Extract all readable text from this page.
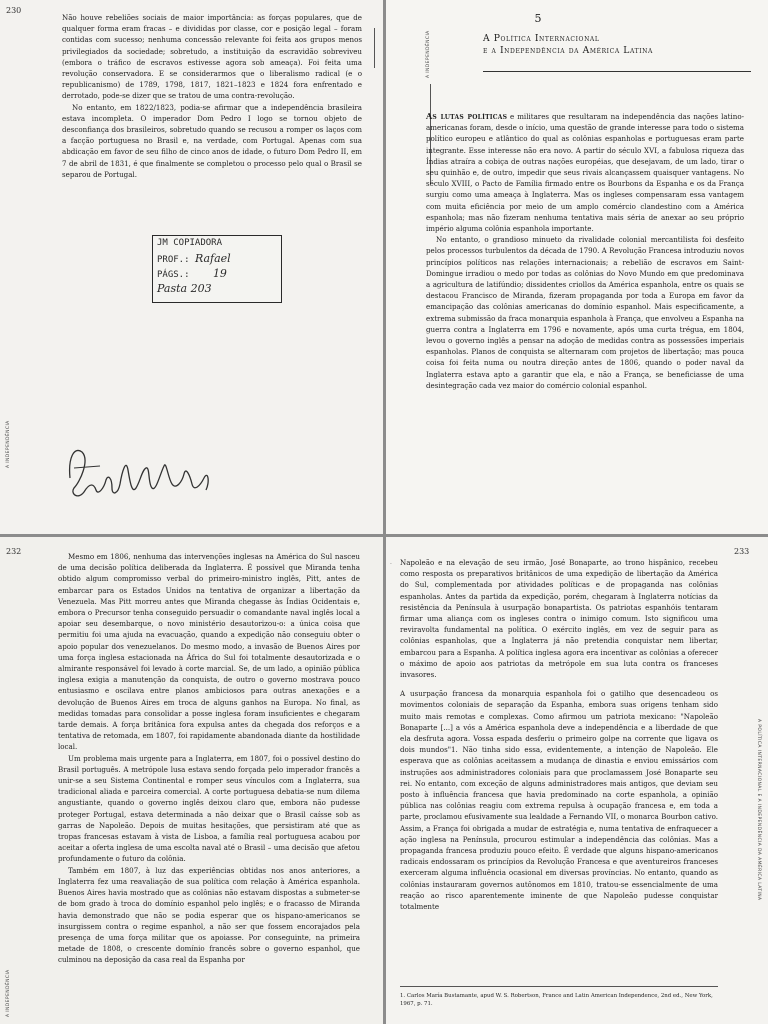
230
A INDEPENDÊNCIA

Não houve rebeliões sociais de maior importância: as forças populares, que de qualquer forma eram fracas – e divididas por classe, cor e posição legal – foram contidas com sucesso; nenhuma concessão relevante foi feita aos grupos menos privilegiados da sociedade; sobretudo, a instituição da escravidão sobreviveu (embora o tráfico de escravos estivesse agora sob ameaça). Foi feita uma revolução conservadora. E se considerarmos que o liberalismo radical (e o republicanismo) de 1789, 1798, 1817, 1821–1823 e 1824 fora enfrentado e derrotado, pode-se dizer que se tratou de uma contra-revolução.

No entanto, em 1822/1823, podia-se afirmar que a independência brasileira estava incompleta. O imperador Dom Pedro I logo se tornou objeto de desconfiança dos brasileiros, sobretudo quando se recusou a romper os laços com a facção portuguesa no Brasil e, na verdade, com Portugal. Apenas com sua abdicação em favor de seu filho de cinco anos de idade, o futuro Dom Pedro II, em 7 de abril de 1831, é que finalmente se completou o processo pelo qual o Brasil se separou de Portugal.

JM COPIADORA
PROF.: Rafael
PÁGS.: 19
Pasta 203
A INDEPENDÊNCIA
5
A Política Internacional
e a Independência da América Latina

As lutas políticas e militares que resultaram na independência das nações latino-americanas foram, desde o início, uma questão de grande interesse para todo o sistema político europeu e atlântico do qual as colônias espanholas e portuguesas eram parte integrante. Esse interesse não era novo. A partir do século XVI, a fabulosa riqueza das Índias atraíra a cobiça de outras nações européias, que desejavam, de um lado, tirar o seu quinhão e, de outro, impedir que seus rivais alcançassem quaisquer vantagens. No século XVIII, o Pacto de Família firmado entre os Bourbons da Espanha e os da França surgiu como uma ameaça à Inglaterra. Mas os ingleses compensaram essa vantagem com muita eficiência por meio de um amplo comércio clandestino com a América espanhola; mas não fizeram nenhuma tentativa mais séria de anexar ao seu próprio império alguma colônia espanhola importante.

No entanto, o grandioso minueto da rivalidade colonial mercantilista foi desfeito pelos processos turbulentos da década de 1790. A Revolução Francesa introduziu novos princípios políticos nas relações internacionais; a rebelião de escravos em Saint-Domingue irradiou o medo por todas as colônias do Novo Mundo em que predominava a agricultura de latifúndio; dissidentes criollos da América espanhola, entre os quais se destacou Francisco de Miranda, fizeram propaganda por toda a Europa em favor da emancipação das colônias americanas do domínio espanhol. Mais especificamente, a extrema submissão da fraca monarquia espanhola à França, que envolveu a Espanha na guerra contra a Inglaterra em 1796 e novamente, após uma curta trégua, em 1804, levou o governo inglês a pensar na adoção de medidas contra as possessões imperiais espanholas. Planos de conquista se alternaram com projetos de libertação; mas pouca coisa foi feita numa ou noutra direção antes de 1806, quando o poder naval da Inglaterra estava apto a garantir que ela, e não a França, se beneficiasse de uma desintegração cada vez maior do comércio colonial espanhol.

232
A INDEPENDÊNCIA

Mesmo em 1806, nenhuma das intervenções inglesas na América do Sul nasceu de uma decisão política deliberada da Inglaterra. É possível que Miranda tenha obtido algum compromisso verbal do primeiro-ministro inglês, Pitt, antes de embarcar para os Estados Unidos na tentativa de organizar a libertação da Venezuela. Mas Pitt morreu antes que Miranda chegasse às Índias Ocidentais e, embora o Precursor tenha conseguido persuadir o comandante naval inglês local a apoiar seu desembarque, o novo ministério desautorizou-o: a única coisa que permitiu foi uma ajuda na evacuação, quando a expedição não conseguiu obter o apoio popular dos venezuelanos. Do mesmo modo, a invasão de Buenos Aires por uma força inglesa estacionada na África do Sul foi totalmente desautorizada e o almirante responsável foi levado à corte marcial. Se, de um lado, a opinião pública inglesa exigia a manutenção da conquista, de outro o governo mostrava pouco entusiasmo e oscilava entre planos ambiciosos para outras anexações e a devolução de Buenos Aires em troca de alguns ganhos na Europa. No final, as medidas tomadas para consolidar a posse inglesa foram insuficientes e chegaram tarde demais. A força britânica fora expulsa antes da chegada dos reforços e a tentativa de retomada, em 1807, foi rapidamente abandonada diante da hostilidade local.

Um problema mais urgente para a Inglaterra, em 1807, foi o possível destino do Brasil português. A metrópole lusa estava sendo forçada pelo imperador francês a unir-se a seu Sistema Continental e romper seus vínculos com a Inglaterra, sua tradicional aliada e parceira comercial. A corte portuguesa debatia-se num dilema angustiante, quando o governo inglês deixou claro que, embora não pudesse proteger Portugal, estava determinada a não deixar que o Brasil caísse sob as garras de Napoleão. Depois de muitas hesitações, que persistiram até que as tropas francesas estavam à vista de Lisboa, a família real portuguesa acabou por aceitar a oferta inglesa de uma escolta naval até o Brasil – uma decisão que afetou profundamente o futuro da colônia.

Também em 1807, à luz das experiências obtidas nos anos anteriores, a Inglaterra fez uma reavaliação de sua política com relação à América espanhola. Buenos Aires havia mostrado que as colônias não estavam dispostas a submeter-se de bom grado à troca do domínio espanhol pelo inglês; e o fracasso de Miranda havia demonstrado que não se podia esperar que os hispano-americanos se insurgissem contra o regime espanhol, a não ser que fossem encorajados pela presença de uma força militar que os apoiasse. Por conseguinte, na primeira metade de 1808, o crescente domínio francês sobre o governo espanhol, que culminou na deposição da casa real da Espanha por

233
A POLÍTICA INTERNACIONAL E A INDEPENDÊNCIA DA AMÉRICA LATINA
· Napoleão e na elevação de seu irmão, José Bonaparte, ao trono hispânico, recebeu como resposta os preparativos britânicos de uma expedição de libertação da América do Sul, complementada por atividades políticas e de propaganda nas colônias espanholas. Antes da partida da expedição, porém, chegaram à Inglaterra notícias da resistência da Península à usurpação bonapartista. Os patriotas espanhóis tentaram firmar uma aliança com os ingleses contra o inimigo comum. Isto significou uma reviravolta fundamental na política. O exército inglês, em vez de seguir para as colônias espanholas, que a Inglaterra já não pretendia conquistar nem libertar, embarcou para a Espanha. A política inglesa agora era incentivar as colônias a oferecer o máximo de apoio aos patriotas da metrópole em sua luta contra os franceses invasores.

A usurpação francesa da monarquia espanhola foi o gatilho que desencadeou os movimentos coloniais de separação da Espanha, embora suas origens tenham sido muito mais remotas e complexas. Como afirmou um patriota mexicano: "Napoleão Bonaparte [...] a vós a América espanhola deve a independência e a liberdade de que ela desfruta agora. Vossa espada desferiu o primeiro golpe na corrente que ligava os dois mundos"1. Não tinha sido essa, evidentemente, a intenção de Napoleão. Ele esperava que as colônias aceitassem a mudança de dinastia e enviou emissários com instruções aos administradores coloniais para que proclamassem José Bonaparte seu rei. No entanto, com exceção de alguns administradores mais antigos, que deviam seu posto à influência francesa que havia predominado na corte espanhola, a opinião pública nas colônias reagiu com extrema repulsa à ocupação francesa e, em toda a parte, proclamou efusivamente sua lealdade a Fernando VII, o monarca Bourbon cativo. Assim, a França foi obrigada a mudar de estratégia e, numa tentativa de enfraquecer a ação inglesa na Península, procurou estimular a independência das colônias. Mas a propaganda francesa produziu pouco efeito. É verdade que alguns hispano-americanos radicais endossaram os princípios da Revolução Francesa e que aventureiros franceses exerceram alguma influência ocasional em diversas províncias. No entanto, quando as colônias instauraram governos autônomos em 1810, tratou-se essencialmente de uma reação ao risco aparentemente iminente de que Napoleão pudesse conquistar totalmente

1. Carlos María Bustamante, apud W. S. Robertson, France and Latin American Independence, 2nd ed., New York, 1967, p. 71.
